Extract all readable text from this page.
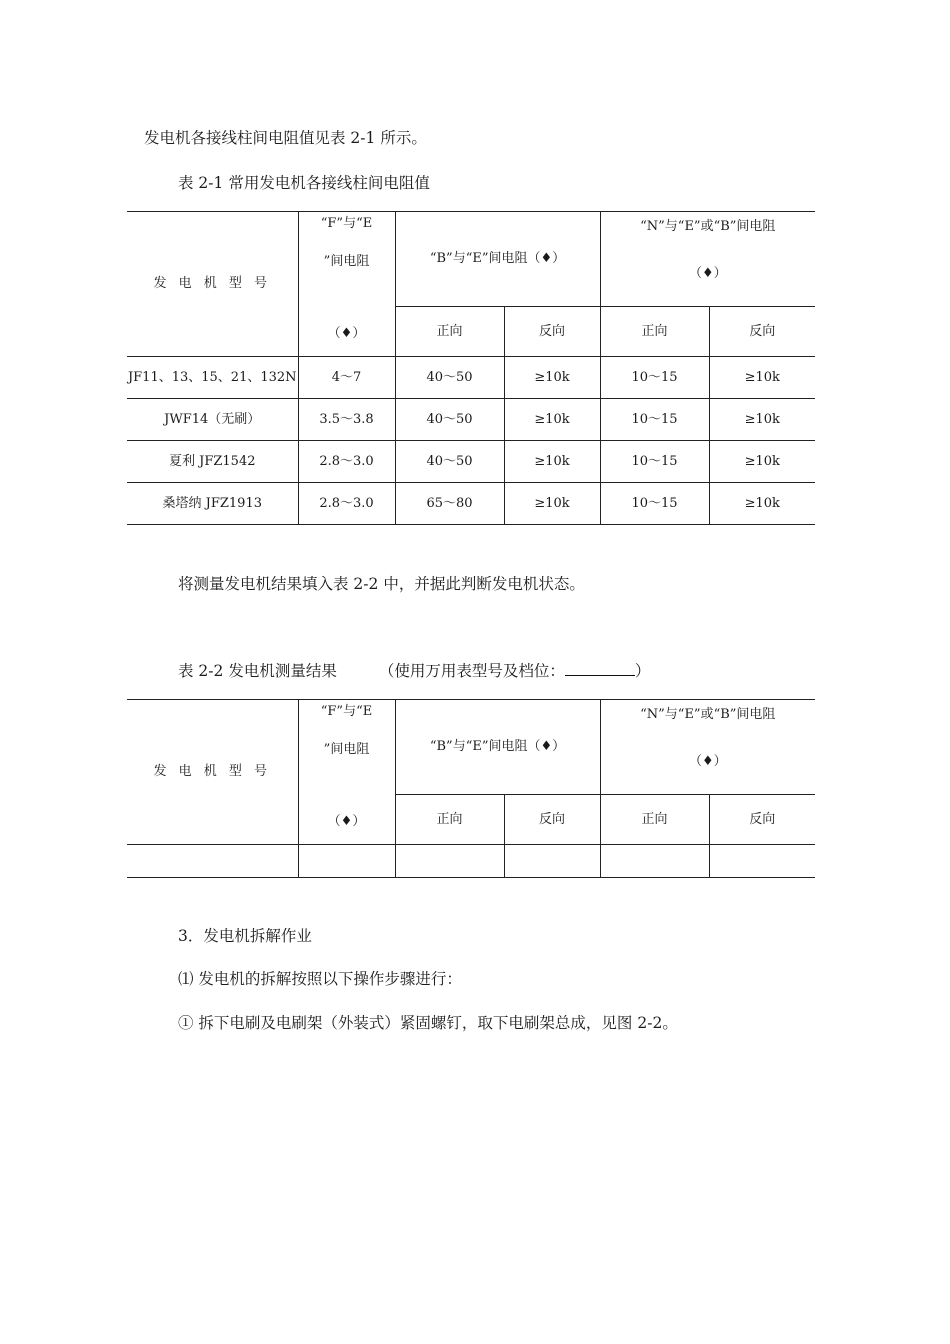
发电机各接线柱间电阻值见表 2-1 所示。
表 2-1 常用发电机各接线柱间电阻值
发 电 机 型 号	“F”与“E
”间电阻
（♦）	“B”与“E”间电阻（♦）		“N”与“E”或“B”间电阻
（♦）	

		正向	反向	正向	反向
JF11、13、15、21、132N	4～7	40～50	≥10k	10～15	≥10k
JWF14（无刷）	3.5～3.8	40～50	≥10k	10～15	≥10k
夏利 JFZ1542	2.8～3.0	40～50	≥10k	10～15	≥10k
桑塔纳 JFZ1913	2.8～3.0	65～80	≥10k	10～15	≥10k
将测量发电机结果填入表 2-2 中，并据此判断发电机状态。
表 2-2 发电机测量结果	（使用万用表型号及档位：	）
发 电 机 型 号	“F”与“E
”间电阻
（♦）	“B”与“E”间电阻（♦）		“N”与“E”或“B”间电阻
（♦）	

		正向	反向	正向	反向

3．发电机拆解作业
⑴ 发电机的拆解按照以下操作步骤进行：
① 拆下电刷及电刷架（外装式）紧固螺钉，取下电刷架总成，见图 2-2。
